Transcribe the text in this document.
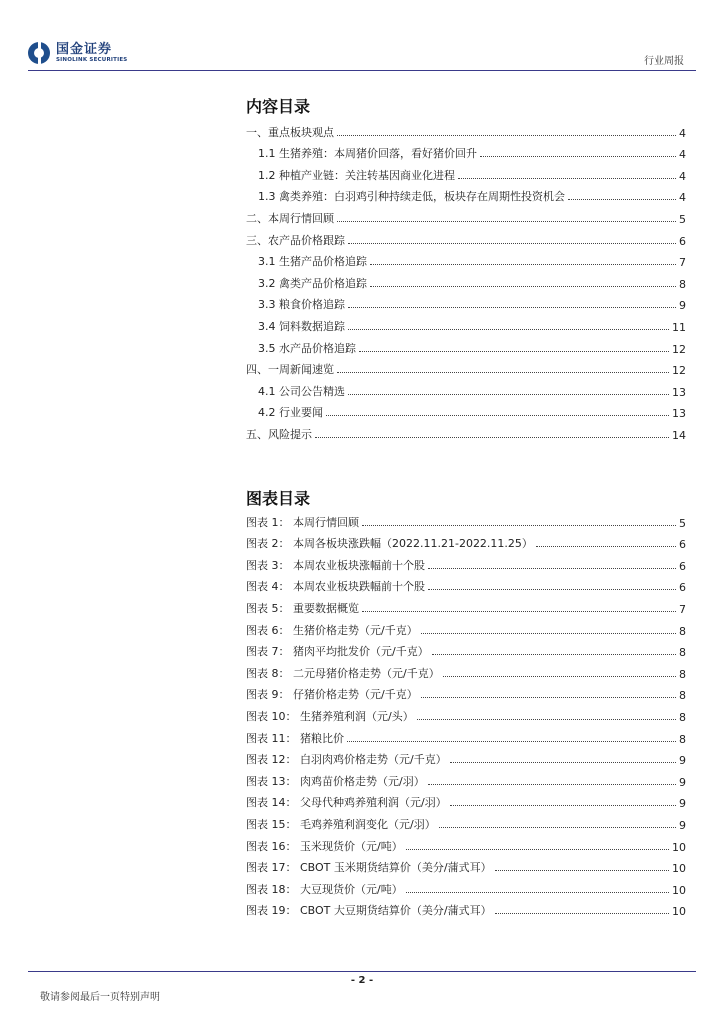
国金证券
SINOLINK SECURITIES	行业周报
内容目录
一、重点板块观点	4
1.1 生猪养殖：本周猪价回落，看好猪价回升	4
1.2 种植产业链：关注转基因商业化进程	4
1.3 禽类养殖：白羽鸡引种持续走低，板块存在周期性投资机会	4
二、本周行情回顾	5
三、农产品价格跟踪	6
3.1 生猪产品价格追踪	7
3.2 禽类产品价格追踪	8
3.3 粮食价格追踪	9
3.4 饲料数据追踪	11
3.5 水产品价格追踪	12
四、一周新闻速览	12
4.1 公司公告精选	13
4.2 行业要闻	13
五、风险提示	14
图表目录
图表 1： 本周行情回顾	5
图表 2： 本周各板块涨跌幅（2022.11.21-2022.11.25）	6
图表 3： 本周农业板块涨幅前十个股	6
图表 4： 本周农业板块跌幅前十个股	6
图表 5： 重要数据概览	7
图表 6： 生猪价格走势（元/千克）	8
图表 7： 猪肉平均批发价（元/千克）	8
图表 8： 二元母猪价格走势（元/千克）	8
图表 9： 仔猪价格走势（元/千克）	8
图表 10： 生猪养殖利润（元/头）	8
图表 11： 猪粮比价	8
图表 12： 白羽肉鸡价格走势（元/千克）	9
图表 13： 肉鸡苗价格走势（元/羽）	9
图表 14： 父母代种鸡养殖利润（元/羽）	9
图表 15： 毛鸡养殖利润变化（元/羽）	9
图表 16： 玉米现货价（元/吨）	10
图表 17： CBOT 玉米期货结算价（美分/蒲式耳）	10
图表 18： 大豆现货价（元/吨）	10
图表 19： CBOT 大豆期货结算价（美分/蒲式耳）	10
- 2 -
敬请参阅最后一页特别声明
